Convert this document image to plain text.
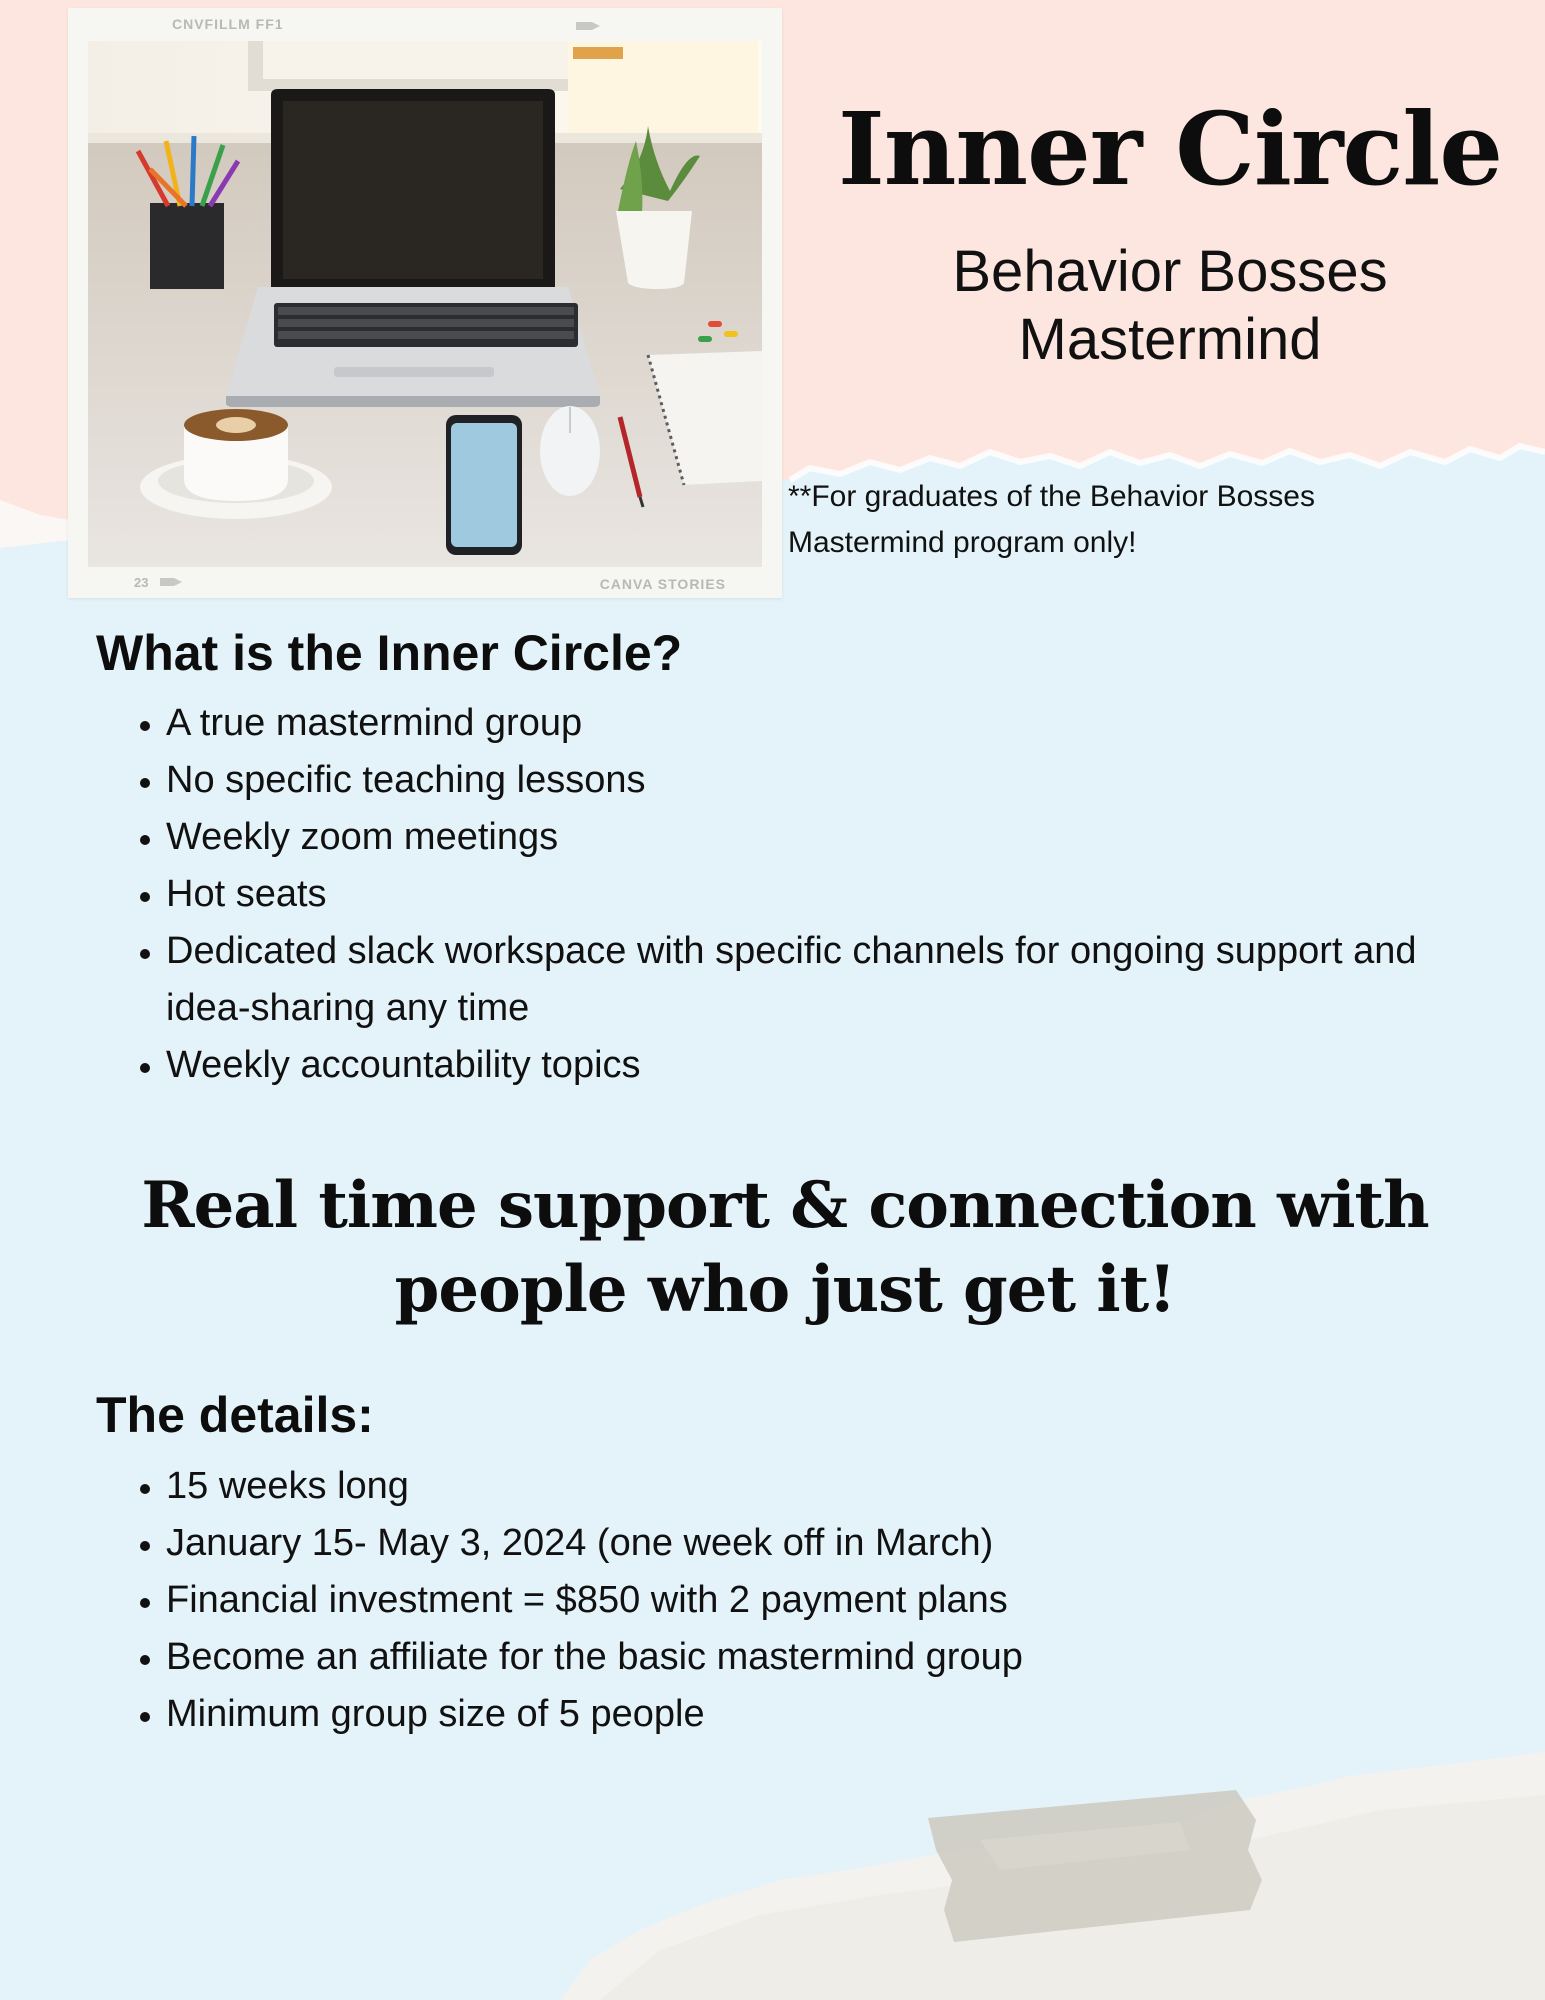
CNVFILLM FF1
23	CANVA STORIES
Inner Circle
Behavior Bosses
Mastermind
**For graduates of the Behavior Bosses
Mastermind program only!
What is the Inner Circle?
• A true mastermind group
• No specific teaching lessons
• Weekly zoom meetings
• Hot seats
• Dedicated slack workspace with specific channels for ongoing support and idea-sharing any time
• Weekly accountability topics
Real time support & connection with
people who just get it!
The details:
• 15 weeks long
• January 15- May 3, 2024 (one week off in March)
• Financial investment = $850 with 2 payment plans
• Become an affiliate for the basic mastermind group
• Minimum group size of 5 people
